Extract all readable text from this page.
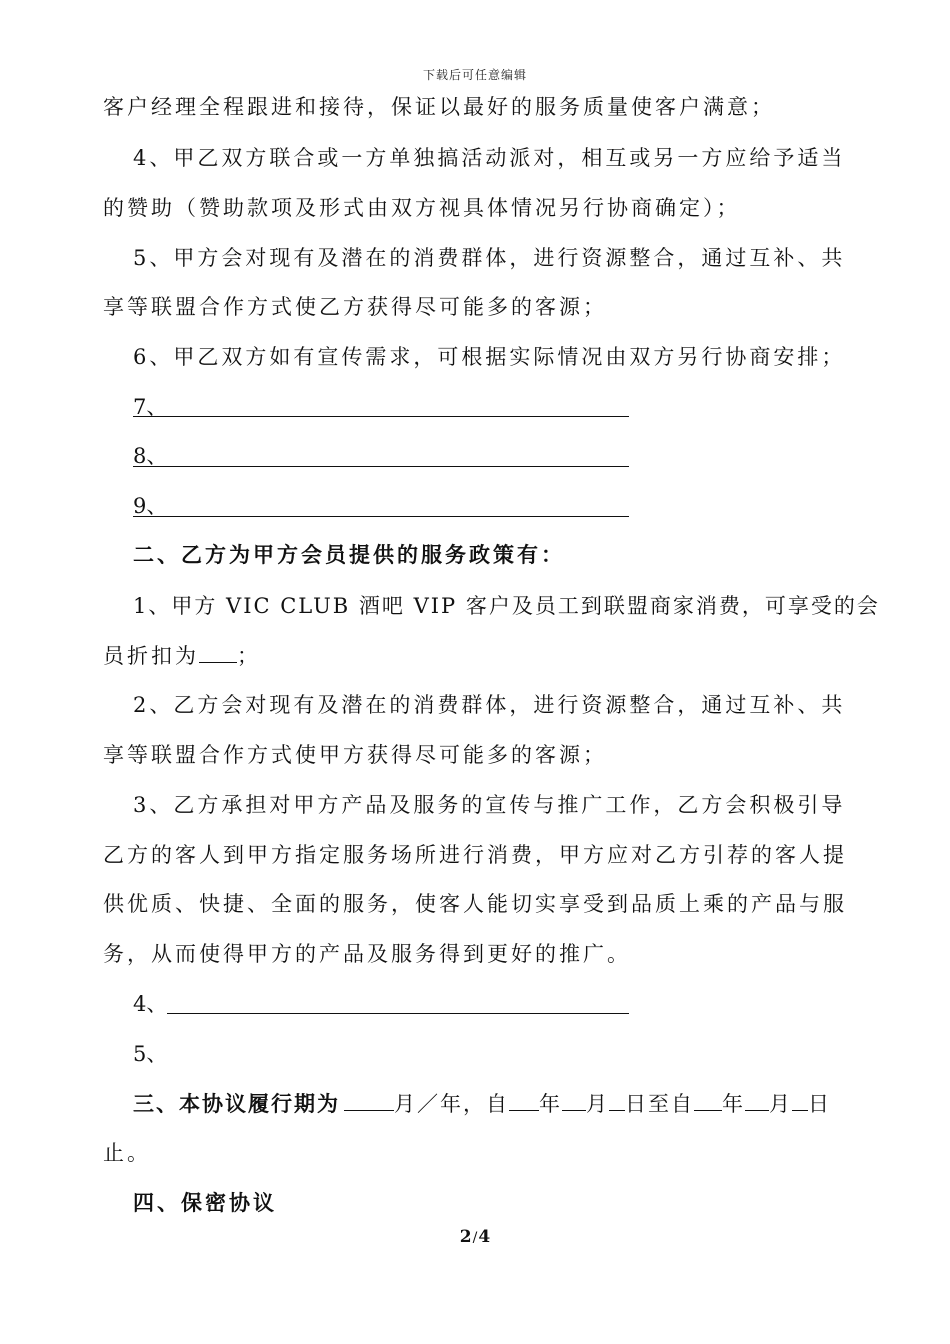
下载后可任意编辑
客户经理全程跟进和接待，保证以最好的服务质量使客户满意；
4、甲乙双方联合或一方单独搞活动派对，相互或另一方应给予适当
的赞助（赞助款项及形式由双方视具体情况另行协商确定）；
5、甲方会对现有及潜在的消费群体，进行资源整合，通过互补、共
享等联盟合作方式使乙方获得尽可能多的客源；
6、甲乙双方如有宣传需求，可根据实际情况由双方另行协商安排；
7、
8、
9、
二、乙方为甲方会员提供的服务政策有：
1、甲方 VIC CLUB 酒吧 VIP 客户及员工到联盟商家消费，可享受的会
员折扣为 ；
2、乙方会对现有及潜在的消费群体，进行资源整合，通过互补、共
享等联盟合作方式使甲方获得尽可能多的客源；
3、乙方承担对甲方产品及服务的宣传与推广工作，乙方会积极引导
乙方的客人到甲方指定服务场所进行消费，甲方应对乙方引荐的客人提
供优质、快捷、全面的服务，使客人能切实享受到品质上乘的产品与服
务，从而使得甲方的产品及服务得到更好的推广。
4、
5、
三、本协议履行期为	月／年，自 年 月 日至自 年 月 日
止。
四、保密协议
2/4
